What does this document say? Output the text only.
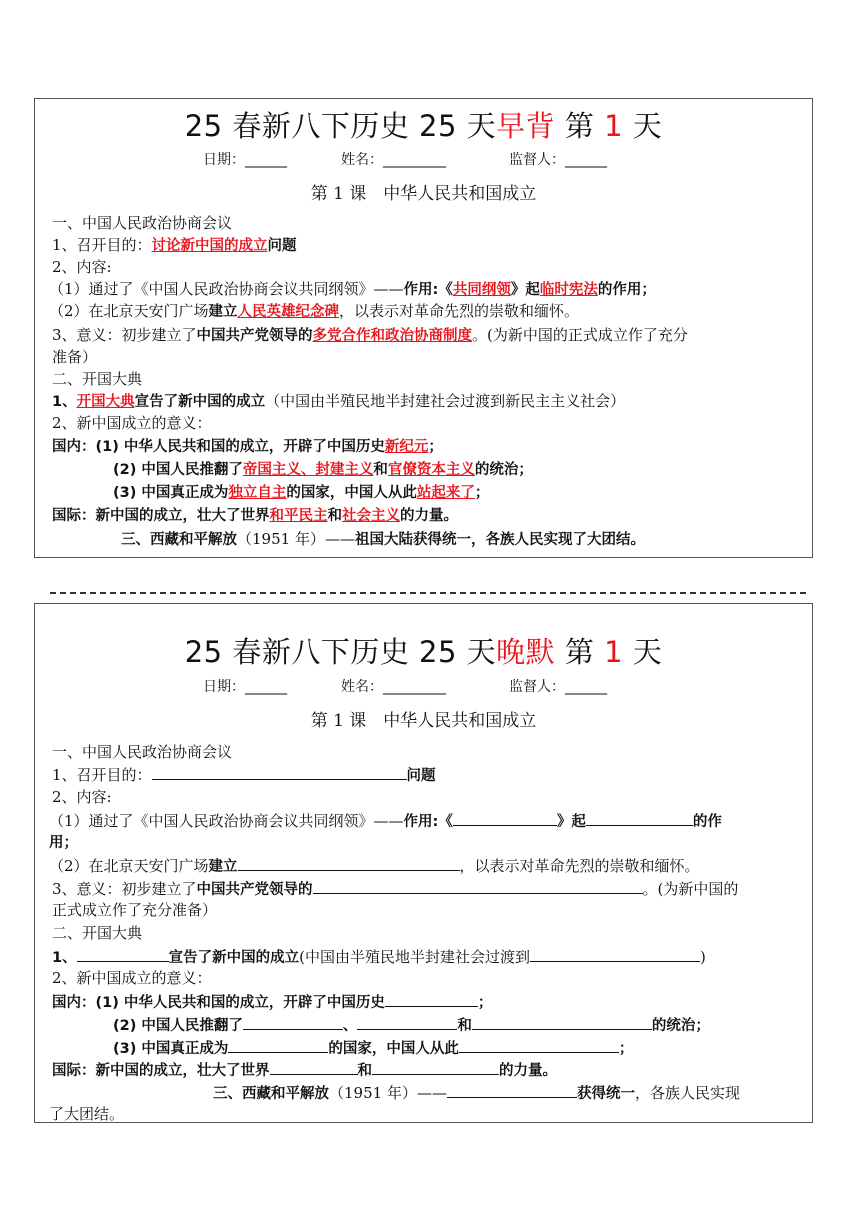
25 春新八下历史 25 天早背 第 1 天
日期：______	姓名：_________	监督人：______
第 1 课　中华人民共和国成立
一、中国人民政治协商会议
1、召开目的：讨论新中国的成立问题
2、内容:
（1）通过了《中国人民政治协商会议共同纲领》——作用:《共同纲领》起临时宪法的作用；
（2）在北京天安门广场建立人民英雄纪念碑，以表示对革命先烈的崇敬和缅怀。
3、意义：初步建立了中国共产党领导的多党合作和政治协商制度。(为新中国的正式成立作了充分
准备）
二、开国大典
1、开国大典宣告了新中国的成立（中国由半殖民地半封建社会过渡到新民主主义社会）
2、新中国成立的意义：
国内：(1) 中华人民共和国的成立，开辟了中国历史新纪元；
(2) 中国人民推翻了帝国主义、封建主义和官僚资本主义的统治；
(3) 中国真正成为独立自主的国家，中国人从此站起来了；
国际：新中国的成立，壮大了世界和平民主和社会主义的力量。
三、西藏和平解放（1951 年）——祖国大陆获得统一，各族人民实现了大团结。
25 春新八下历史 25 天晚默 第 1 天
日期：______	姓名：_________	监督人：______
第 1 课　中华人民共和国成立
一、中国人民政治协商会议
1、召开目的：	问题
2、内容:
（1）通过了《中国人民政治协商会议共同纲领》——作用:《	》起	的作
用；
（2）在北京天安门广场建立	，以表示对革命先烈的崇敬和缅怀。
3、意义：初步建立了中国共产党领导的	。(为新中国的
正式成立作了充分准备）
二、开国大典
1、	宣告了新中国的成立(中国由半殖民地半封建社会过渡到	)
2、新中国成立的意义：
国内：(1) 中华人民共和国的成立，开辟了中国历史	；
(2) 中国人民推翻了	、	和	的统治；
(3) 中国真正成为	的国家，中国人从此	；
国际：新中国的成立，壮大了世界	和	的力量。
三、西藏和平解放（1951 年）——	获得统一，各族人民实现
了大团结。
